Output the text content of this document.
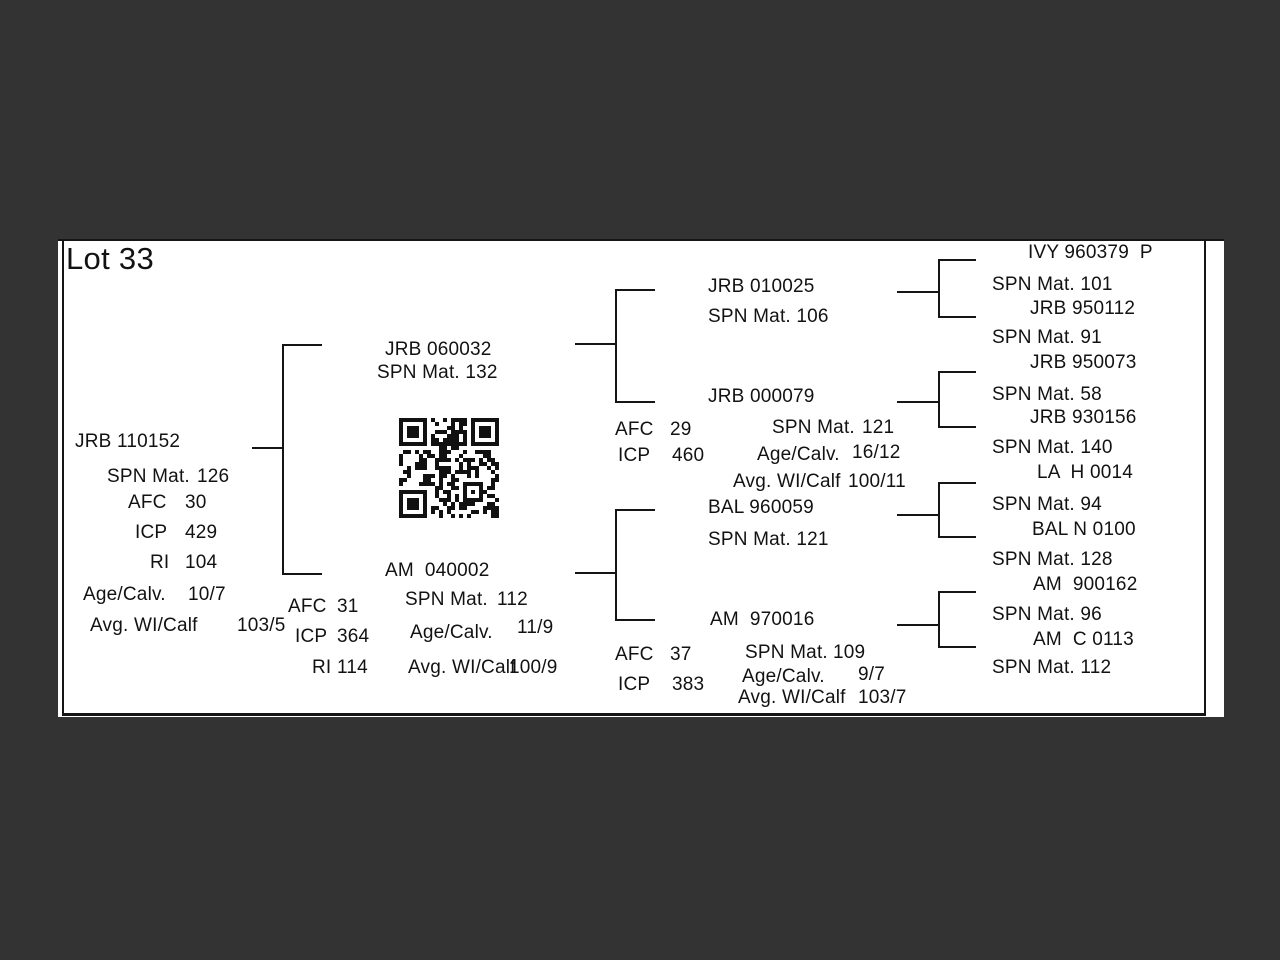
Lot 33
JRB 110152
SPN Mat. 126
AFC 30
ICP 429
RI 104
Age/Calv. 10/7
Avg. WI/Calf 103/5
JRB 060032
SPN Mat. 132
AM  040002
SPN Mat. 112
Age/Calv. 11/9
Avg. WI/Calf
100/9
AFC 31
ICP 364
RI 114
JRB 010025
SPN Mat. 106
JRB 000079
SPN Mat. 121
Age/Calv. 16/12
Avg. WI/Calf 100/11
AFC 29
ICP 460
BAL 960059
SPN Mat. 121
AM  970016
SPN Mat. 109
Age/Calv. 9/7
Avg. WI/Calf 103/7
AFC 37
ICP 383
IVY 960379  P
SPN Mat. 101
JRB 950112
SPN Mat. 91
JRB 950073
SPN Mat. 58
JRB 930156
SPN Mat. 140
LA  H 0014
SPN Mat. 94
BAL N 0100
SPN Mat. 128
AM  900162
SPN Mat. 96
AM  C 0113
SPN Mat. 112
